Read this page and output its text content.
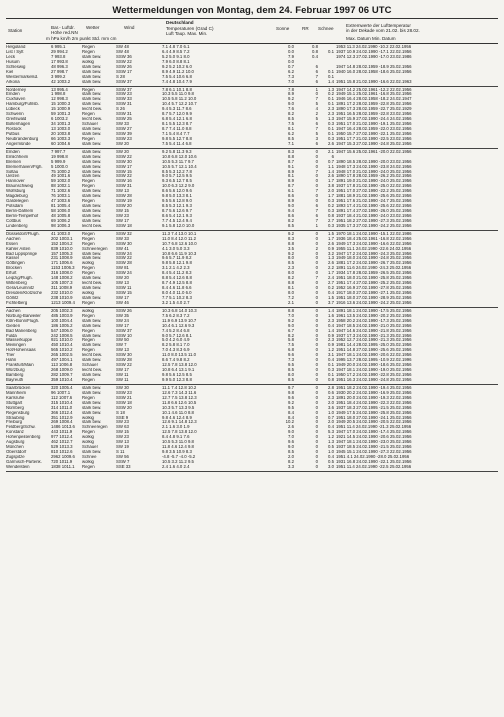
Wettermeldungen von Montag, dem 24. Februar 1997 06 UTC
Station
Bar.- Luftdr.
Höhe red.NN
Wetter	Wind
Deutschland
Temperaturen (Grad C)
Luft Taup. Max. Min.
Sonne	RR Schnee
Extremwerte der Lufttemperatur
in der Dekade vom 21.02. bis 28.02.
m hPa km/h 2m punkt Std. mm cm	Max. Datum Min. Datum
Helgoland	6 995.1	Regen	SW 48	7.1 4.8 7.0 6.1	0.0	0.8	1953 11.3 24.02.1990 -10.2 22.02.1956
List / Sylt	29 994.2	Regen	SW 48	6.4 4.9 8.5 7.2	0.0	0.8	0.1 1937 10.9 24.02.1990 -17.1 22.02.1956
Leck	7 993.8	stark bew.	SSW 36	5.2 5.0 9.1 8.0	7.9	0.4	1974 12.3 27.02.1990 -17.0 23.02.1986
Husum	17 993.8	wolkig	SSW 22	7.9 6.0 8.8 8.1	0.0
Schleswig	48 996.3	stark bew.	SSW 26	9.2 5.2 10.2 6.0	0.7	6	1947 14.8 28.02.1959 -18.9 25.02.1956
Kiel	27 998.7	stark bew.	SSW 17	8.9 4.9 11.2 10.0	6.2	6	0.1 1940 16.0 28.02.1958 -18.6 25.02.1956
Westermarkelsd.	3 999.2	stark bew.	S 28	7.5 5.4 10.6 6.8	7.3	7	0.1
Arkona	42 1003.2	stark bew.	SSW 37	7.4 4.8 10.4 7.9	7.0	6	1.4 1951 15.8 21.02.1990 -16.6 22.02.1963
Norderney	13 995.4	Regen	SSW 37	7.8 6.1 10.1 8.8	7.8	1	1.3 1947 14.2 25.02.1961 -12.2 22.02.1956
Emden	1 998.8	stark bew.	SSW 23	10.3 5.5 11.0 9.8	8.9	0	0.2 1949 15.1 25.02.1961 -16.8 25.02.1956
Cuxhaven	12 998.3	stark bew.	SSW 33	10.5 5.8 11.2 10.0	9.2	7	0.1 1946 16.4 28.02.1958 -18.2 24.02.1947
Hamburg/Fuhlsb.	15 1000.3	stark bew.	SSW 31	10.4 5.7 12.2 10.7	9.0	5	0.1 1891 17.2 28.02.1959 -22.8 25.02.1956
Lübeck	15 1000.9	leicht bew.	S 26	9.4 5.3 11.7 8.6	7.6	4	2.3 1890 17.3 28.02.1959 -22.7 25.02.1929
Schwerin	59 1001.3	Regen	SSW 31	8.7 5.7 12.0 9.9	8.2	2	2.3 1951 16.5 28.02.1959 -22.8 23.02.1956
Greifswald	6 1003.2	leicht bew.	SSW 25	6.8 5.4 12.1 6.8	8.5	5	1.3 1947 15.9 27.02.1990 -24.4 24.02.1956
Boltenhagen	34 1001.3	Schauer	SW 33	8.1 5.5 12.3 8.7	7.5	6	0.3 1951 17.0 21.02.1990 -19.1 25.02.1956
Rostock	13 1003.0	stark bew.	SSW 27	8.7 7.4 11.0 8.8	8.1	7	0.1 1947 16.4 28.02.1959 -22.0 23.02.1956
Putbus	20 1003.8	stark bew.	SSW 39	7.1 5.4 8.4 7.7	6.2	5	0.1 1950 15.7 27.02.1990 -22.1 25.02.1956
Neubrandenburg	66 1003.3	Regen	SSW 23	9.8 5.5 12.7 8.8	8.5	3	0.3 1951 17.7 21.02.1990 -22.5 23.02.1956
Angermünde	60 1004.6	stark bew.	SW 20	7.5 5.4 11.4 6.8	7.1	6	2.6 1947 15.3 27.02.1990 -24.8 25.02.1956
Emden	7 997.7	stark bew.	SW 20	9.2 5.8 11.3 9.3	8.3	0	2.1 1947 15.6 25.02.1961 -20.0 22.02.1956
Emlichheim	19 998.8	stark bew.	SSW 22	10.8 6.8 12.0 10.6	8.8	0	6
Bremen	5 999.9	stark bew.	SSW 30	10.5 5.3 11.7 9.7	8.7	0	0.7 1890 18.5 28.02.1990 -20.0 23.02.1956
Bremerhaven/Flgh.	5 1000.0	stark bew.	SSW 17	10.5 5.7 12.1 10.4	9.1	0	1.1 1948 17.3 24.02.1990 -23.8 24.02.1956
Soltau	75 1000.2	stark bew.	SSW 15	8.5 5.3 12.2 7.8	8.9	7	1.4 1948 17.0 21.02.1990 -24.0 25.02.1956
Uelzen	49 1001.6	stark bew.	SSW 22	9.0 5.7 12.5 9.5	8.1	0	2.6 1890 17.8 28.02.1959 -26.2 25.02.1956
Hannover	59 1002.0	Regen	SSW 16	9.3 6.5 12.7 8.5	8.9	0	1.7 1891 19.0 21.02.1990 -24.0 25.02.1956
Braunschweig	88 1002.1	Regen	SSW 31	10.0 6.3 12.2 9.0	8.7	0	3.8 1937 17.8 21.02.1990 -25.0 22.02.1956
Wolfsburg	71 1002.6	stark bew.	SW 13	8.6 5.6 12.0 9.6	6.1	7	2.0 1951 17.0 27.02.1990 -22.2 25.02.1956
Magdeburg	76 1003.1	stark bew.	SSW 28	9.8 5.0 13.3 8.1	8.6	0	1.7 1881 18.9 21.02.1990 -25.6 25.02.1956
Gardelegen	47 1003.6	Regen	SSW 19	9.5 5.6 12.8 9.0	8.9	0	0.3 1951 17.6 21.02.1990 -24.7 25.02.1956
Potsdam	81 1005.4	stark bew.	SSW 20	8.5 5.3 12.1 9.3	9.0	6	0.2 1893 17.4 21.02.1990 -25.6 22.02.1956
Berlin-Dahlem	58 1006.0	stark bew.	SW 15	8.7 5.6 12.6 9.7	9.4	7	0.3 1891 17.4 27.02.1990 -26.0 25.02.1956
Berlin-Tempelhof	48 1005.8	stark bew.	SW 23	8.6 5.4 12.1 9.3	8.6	6	0.8 1937 18.4 21.02.1990 -24.0 23.02.1956
Cottbus	69 1006.2	stark bew.	SW 17	7.7 4.5 12.4 9.4	8.2	7	2.7 1951 18.2 27.02.1990 -27.3 25.02.1956
Lindenberg	98 1006.3	leicht bew.	SSW 18	9.1 5.8 12.0 10.0	8.5	1	0.3 1935 17.3 27.02.1990 -24.2 25.02.1956
Düsseldorf/Flugh.	41 1003.0	Regen	SSW 32	11.3 7.4 13.0 10.1	9.2	0	1.5 1970 18.1 24.02.1990 -15.1 22.02.1986
Aachen	202 1003.1	Regen	SW 33	11.0 8.4 12.0 11.2	8.3	0	1.7 1936 18.4 25.02.1961 -16.8 22.02.1956
Essen	152 1004.2	Regen	SSW 30	10.7 6.8 12.6 10.0	8.8	0	2.6 1949 17.3 24.02.1990 -16.6 22.02.1956
Kahler Asten	839 1010.0	Schneeregen	SW 41	4.1 3.0 5.0 3.3	3.5	2	0.9 1955 11.1 24.02.1990 -22.6 24.02.1956
Bad Lippspringe	157 1005.3	stark bew.	SSW 24	10.8 6.6 11.9 10.3	9.2	0	3.2 1947 17.2 24.02.1990 -24.3 25.02.1956
Kassel	231 1008.9	stark bew.	SSW 22	9.6 5.7 11.9 8.2	8.0	0	1.3 1949 18.0 24.02.1990 -24.8 25.02.1956
Göttingen	171 1006.6	wolkig	SSW 28	9.8 5.8 12.1 9.8	8.5	0	2.6 1881 17.2 24.02.1990 -26.7 25.02.1956
Brocken	1153 1006.3	Regen	SW 81	3.1 2.1 4.2 2.3	2.3	0	2.2 1891 11.6 24.02.1990 -24.3 25.02.1956
Erfurt	316 1008.0	Regen	SSW 24	8.4 5.4 11.2 8.3	8.0	0	1.7 1934 17.8 28.02.1959 -26.5 25.02.1956
Leipzig/Flugh.	148 1008.2	stark bew.	SW 20	8.8 5.4 12.6 8.8	8.2	7	2.4 1951 18.0 21.02.1990 -25.8 25.02.1956
Wittenberg	105 1007.3	leicht bew.	SW 13	8.7 4.9 12.5 8.8	8.8	0	2.7 1951 17.4 27.02.1990 -25.2 25.02.1956
Gera/Leumnitz	311 1008.9	stark bew.	SSW 11	8.4 4.6 11.8 6.6	8.1	0	0.2 1952 16.9 27.02.1990 -27.8 25.02.1956
Dresden/Klotzsche	232 1010.0	wolkig	SSW 15	8.0 4.0 11.0 6.0	8.0	0	0.4 1917 18.0 27.02.1990 -27.1 25.02.1956
Görlitz	238 1010.9	stark bew.	SW 17	7.7 5.1 10.2 8.3	7.2	0	1.5 1951 18.0 27.02.1990 -28.9 25.02.1956
Fichtelberg	1213 1009.4	Regen	SW 46	3.2 1.5 4.0 2.7	2.1	0	3.7 1916 13.6 24.02.1990 -24.2 25.02.1956
Aachen	205 1002.3	wolkig	SSW 26	10.3 6.8 14.0 10.3	8.8	0	1.4 1891 18.1 24.02.1990 -17.5 25.02.1956
Nürburg-Barweiler	485 1003.9	Regen	SW 35	7.5 6.2 8.3 7.2	7.0	0	1.6 1961 13.5 24.02.1990 -20.2 25.02.1956
Köln-Bonn/Flugh.	100 1004.4	stark bew.	SW 24	11.9 6.9 13.9 10.7	9.2	0	2.3 1958 20.2 24.02.1990 -17.3 25.02.1956
Gießen	186 1005.2	stark bew.	SW 17	10.4 6.1 12.6 9.3	9.0	0	0.4 1947 18.5 24.02.1990 -21.0 25.02.1956
Bad Marienberg	547 1006.0	Regen	SSW 37	7.4 5.2 8.4 6.8	6.7	0	1.4 1947 14.6 24.02.1990 -21.8 25.02.1956
Fulda	242 1008.5	stark bew.	SSW 10	9.0 5.7 12.6 8.1	8.2	0	0.9 1937 17.3 24.02.1990 -21.3 25.02.1956
Wasserkuppe	921 1010.0	Regen	SW 50	5.0 4.2 6.0 4.9	5.8	0	2.3 1952 12.7 24.02.1990 -21.3 25.02.1956
Meiningen	450 1010.4	stark bew.	SW 7	8.2 5.8 8.1 7.0	7.5	0	0.9 1981 14.4 28.02.1995 -25.0 25.02.1956
Hof/Hohensaas	565 1010.2	Regen	SW 13	7.0 4.3 8.3 6.9	6.8	0	1.2 1951 14.8 27.02.1990 -25.6 25.02.1956
Trier	265 1002.5	leicht bew.	SSW 30	11.0 8.0 13.5 11.0	9.6	0	3.1 1947 18.1 24.02.1990 -20.6 22.02.1956
Hahn	497 1004.1	stark bew.	SSW 28	8.6 7.4 9.8 8.2	7.3	0	0.4 1995 13.7 28.02.1995 -10.9 22.02.1996
Frankfurt/Main	113 1006.8	Schauer	SSW 22	12.5 7.8 13.8 12.0	9.5	0	0.1 1949 20.0 24.02.1990 -18.6 25.02.1956
Würzburg	268 1009.0	leicht bew.	SW 17	10.8 6.4 13.1 9.1	8.5	0	0.3 1947 18.1 24.02.1990 -19.0 25.02.1956
Bamberg	282 1009.7	stark bew.	SW 11	9.8 5.6 12.5 8.5	8.0	0	0.1 1950 17.2 24.02.1990 -22.8 25.02.1956
Bayreuth	359 1010.4	Regen	SW 11	9.9 5.0 12.3 8.8	8.5	0	0.8 1951 16.3 24.02.1990 -24.8 25.02.1956
Saarbrücken	320 1005.4	stark bew.	SW 30	11.1 7.4 12.8 10.2	9.7	0	2.8 1951 18.2 24.02.1990 -19.4 25.02.1956
Mannheim	96 1007.1	stark bew.	SSW 23	12.6 7.3 14.3 11.6	9.8	0	0.6 1930 20.2 24.02.1990 -16.9 25.02.1956
Karlsruhe	112 1007.6	Regen	SSW 21	12.7 7.5 13.8 12.3	9.6	0	2.3 1891 20.0 24.02.1990 -19.3 22.02.1956
Stuttgart	315 1010.4	stark bew.	SSW 18	11.8 6.6 12.6 10.5	9.2	0	2.0 1951 18.4 24.02.1990 -22.3 22.02.1956
Nürnberg	314 1011.0	stark bew.	SSW 20	10.3 5.7 13.3 9.5	9.5	0	3.6 1937 18.3 27.02.1995 -21.5 25.02.1956
Regensburg	366 1012.4	stark bew.	S 18	10.1 4.6 11.0 8.8	8.4	0	1.0 1949 17.5 24.02.1990 -25.8 25.02.1956
Straubing	351 1012.9	wolkig	SSE 9	9.8 4.6 12.4 8.9	8.4	0	0.7 1951 18.0 27.02.1990 -24.1 25.02.1956
Freiburg	269 1008.4	stark bew.	SW 23	12.6 9.1 14.8 12.3	10.2	0	2.0 1949 20.5 24.02.1990 -20.5 22.02.1956
Feldberg/Schw.	1486 1013.6	Schneeregen	SW 63	2.1 1.6 3.0 1.9	2.6	0	0.4 1951 11.4 24.02.1990 -21.3 25.02.1956
Konstanz	443 1011.9	Regen	SW 15	12.5 7.8 13.8 12.0	9.0	0	5.3 1947 17.0 24.02.1990 -17.4 25.02.1956
Hohenpeißenberg	977 1012.4	wolkig	SW 23	8.4 4.8 9.1 7.6	7.0	0	1.2 1921 14.5 24.02.1990 -20.6 25.02.1956
Augsburg	462 1012.7	wolkig	SW 13	10.5 5.3 11.0 9.8	9.6	0	1.3 1947 18.1 24.02.1990 -23.0 25.02.1956
München	529 1013.3	Schauer	SW 19	11.8 4.6 12.4 9.8	9.0	0	0.5 1937 18.5 24.02.1990 -21.5 25.02.1956
Oberstdorf	810 1012.6	stark bew.	S 11	9.8 3.5 10.9 8.3	8.5	0	1.0 1945 15.1 24.02.1990 -27.3 22.02.1956
Zugspitze	2962 1009.6	Schnee	SW 56	-4.8 -5.7 -4.0 -5.2	2.0	0	0.4 1951 4.1 24.02.1990 -28.0 25.02.1956
Garmisch-Partenk.	720 1011.9	wolkig	SSW 7	10.5 3.2 11.2 9.5	8.2	0	0.5 1931 16.8 24.02.1990 -22.1 25.02.1956
Wendelstein	1838 1011.1	Regen	SSE 33	2.4 1.6 4.0 2.4	3.3	0	3.0 1951 11.4 24.02.1990 -22.5 25.02.1956
